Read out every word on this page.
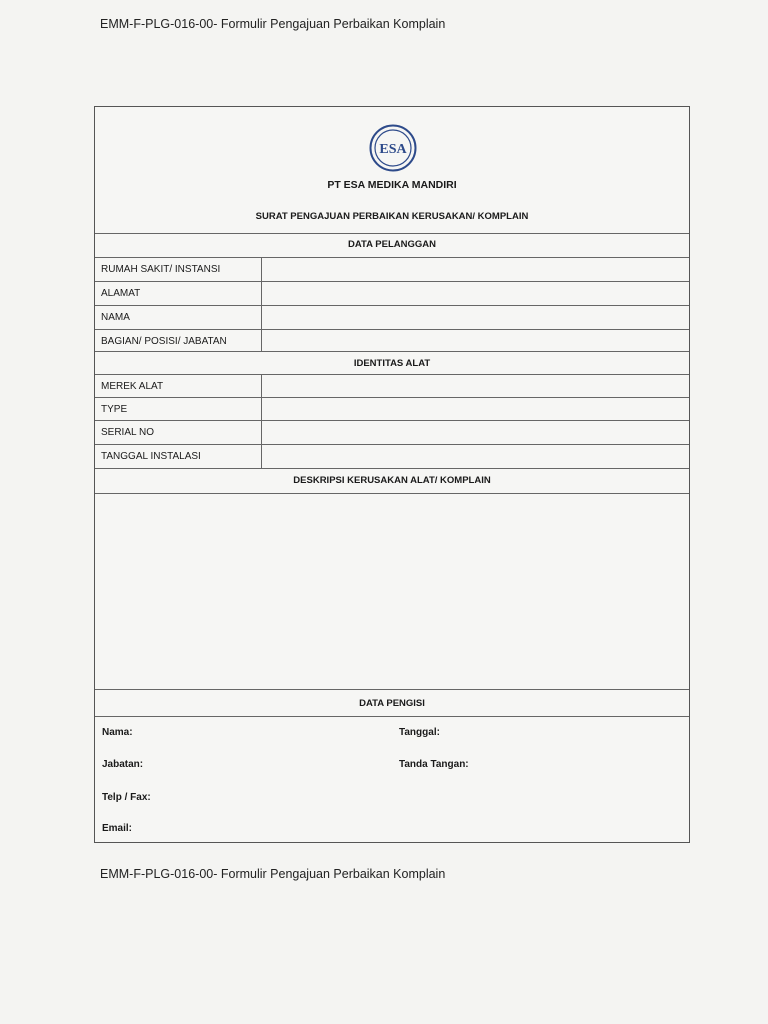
EMM-F-PLG-016-00- Formulir Pengajuan Perbaikan Komplain
ESA
PT ESA MEDIKA MANDIRI
SURAT PENGAJUAN PERBAIKAN KERUSAKAN/ KOMPLAIN
DATA PELANGGAN
RUMAH SAKIT/ INSTANSI
ALAMAT
NAMA
BAGIAN/ POSISI/ JABATAN
IDENTITAS ALAT
MEREK ALAT
TYPE
SERIAL NO
TANGGAL INSTALASI
DESKRIPSI KERUSAKAN ALAT/ KOMPLAIN
DATA PENGISI
Nama:	Tanggal:
Jabatan:	Tanda Tangan:
Telp / Fax:
Email:
EMM-F-PLG-016-00- Formulir Pengajuan Perbaikan Komplain
